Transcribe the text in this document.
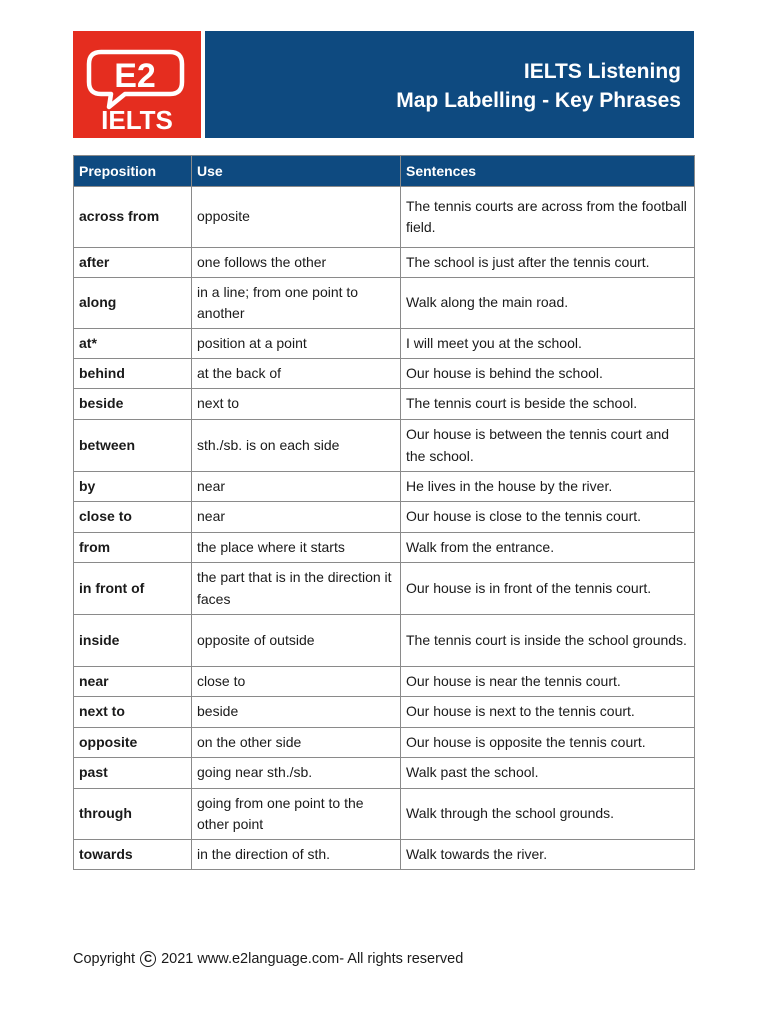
E2
IELTS
IELTS Listening
Map Labelling - Key Phrases
Preposition	Use	Sentences
across from	opposite	The tennis courts are across from the football field.
after	one follows the other	The school is just after the tennis court.
along	in a line; from one point to another	Walk along the main road.
at*	position at a point	I will meet you at the school.
behind	at the back of	Our house is behind the school.
beside	next to	The tennis court is beside the school.
between	sth./sb. is on each side	Our house is between the tennis court and the school.
by	near	He lives in the house by the river.
close to	near	Our house is close to the tennis court.
from	the place where it starts	Walk from the entrance.
in front of	the part that is in the direction it faces	Our house is in front of the tennis court.
inside	opposite of outside	The tennis court is inside the school grounds.
near	close to	Our house is near the tennis court.
next to	beside	Our house is next to the tennis court.
opposite	on the other side	Our house is opposite the tennis court.
past	going near sth./sb.	Walk past the school.
through	going from one point to the other point	Walk through the school grounds.
towards	in the direction of sth.	Walk towards the river.
Copyright C 2021 www.e2language.com- All rights reserved
